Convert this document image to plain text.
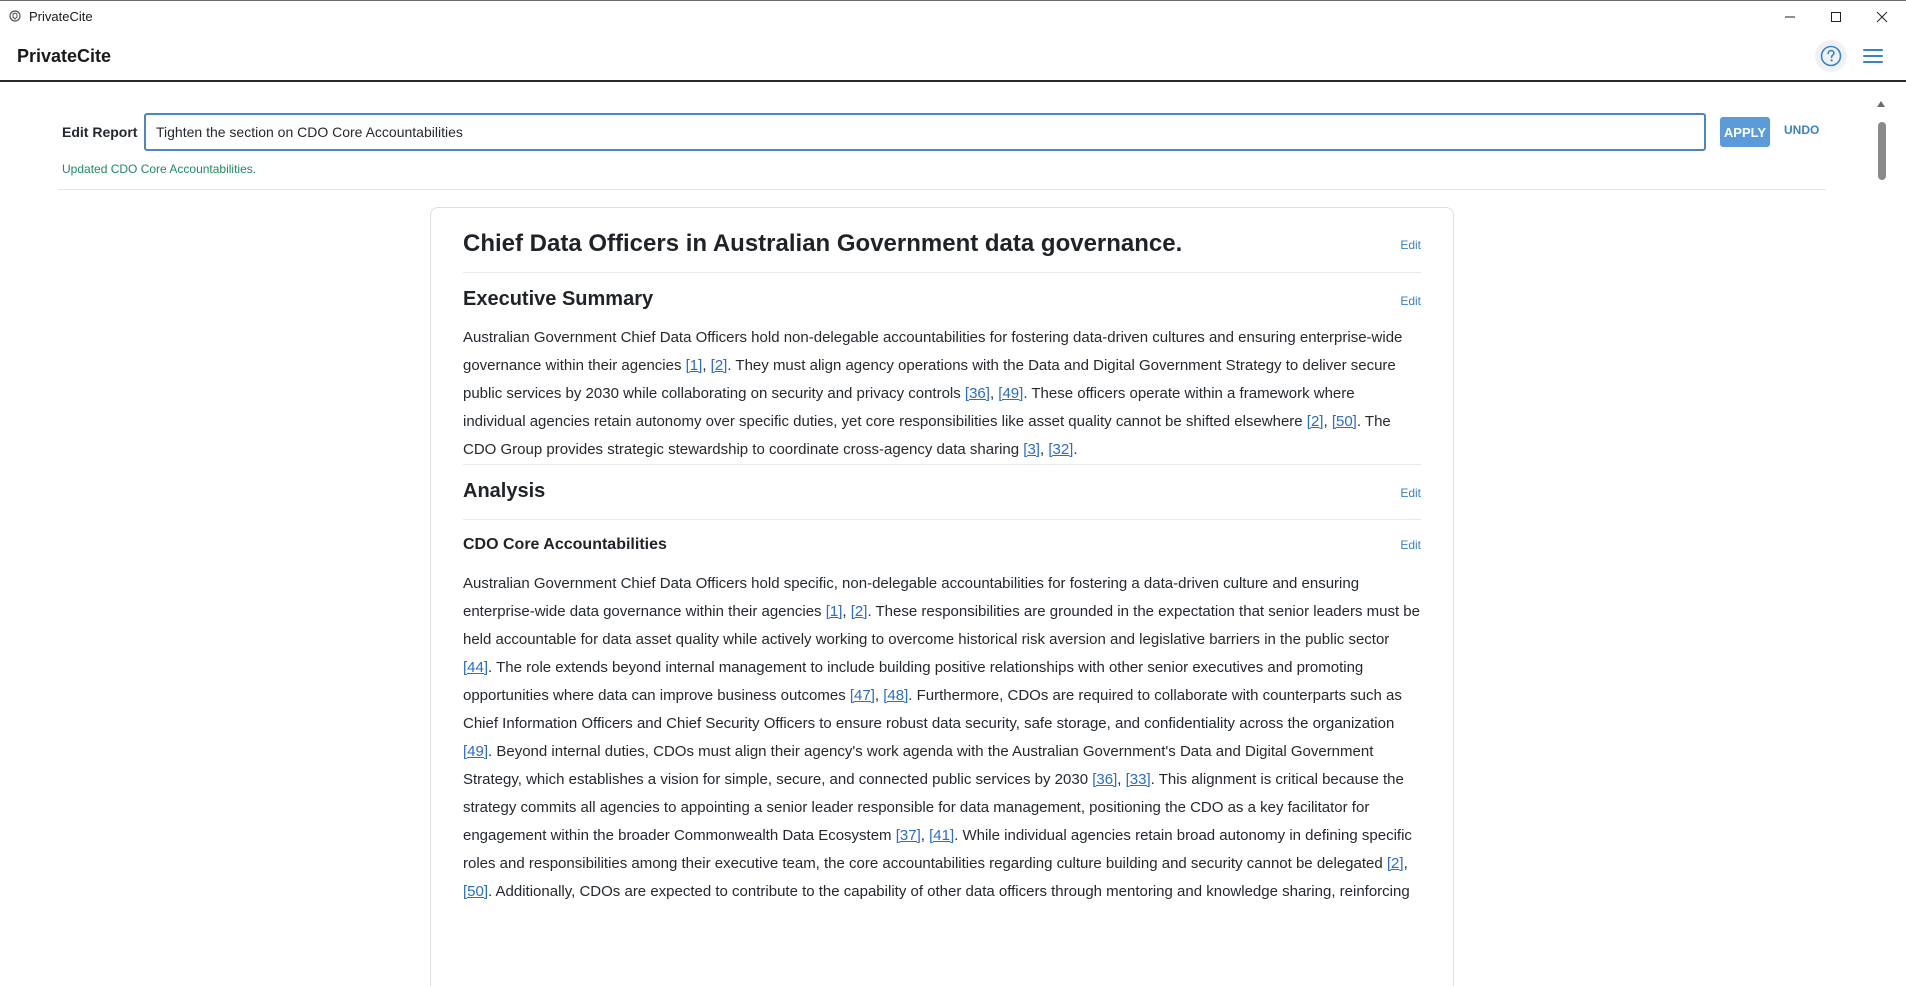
PrivateCite
PrivateCite
Edit Report
Tighten the section on CDO Core Accountabilities	APPLY	UNDO
Updated CDO Core Accountabilities.
Chief Data Officers in Australian Government data governance.	Edit
Executive Summary	Edit
Australian Government Chief Data Officers hold non-delegable accountabilities for fostering data-driven cultures and ensuring enterprise-wide governance within their agencies [1], [2]. They must align agency operations with the Data and Digital Government Strategy to deliver secure public services by 2030 while collaborating on security and privacy controls [36], [49]. These officers operate within a framework where individual agencies retain autonomy over specific duties, yet core responsibilities like asset quality cannot be shifted elsewhere [2], [50]. The CDO Group provides strategic stewardship to coordinate cross-agency data sharing [3], [32].
Analysis	Edit
CDO Core Accountabilities	Edit
Australian Government Chief Data Officers hold specific, non-delegable accountabilities for fostering a data-driven culture and ensuring enterprise-wide data governance within their agencies [1], [2]. These responsibilities are grounded in the expectation that senior leaders must be held accountable for data asset quality while actively working to overcome historical risk aversion and legislative barriers in the public sector [44]. The role extends beyond internal management to include building positive relationships with other senior executives and promoting opportunities where data can improve business outcomes [47], [48]. Furthermore, CDOs are required to collaborate with counterparts such as Chief Information Officers and Chief Security Officers to ensure robust data security, safe storage, and confidentiality across the organization [49]. Beyond internal duties, CDOs must align their agency's work agenda with the Australian Government's Data and Digital Government Strategy, which establishes a vision for simple, secure, and connected public services by 2030 [36], [33]. This alignment is critical because the strategy commits all agencies to appointing a senior leader responsible for data management, positioning the CDO as a key facilitator for engagement within the broader Commonwealth Data Ecosystem [37], [41]. While individual agencies retain broad autonomy in defining specific roles and responsibilities among their executive team, the core accountabilities regarding culture building and security cannot be delegated [2], [50]. Additionally, CDOs are expected to contribute to the capability of other data officers through mentoring and knowledge sharing, reinforcing
